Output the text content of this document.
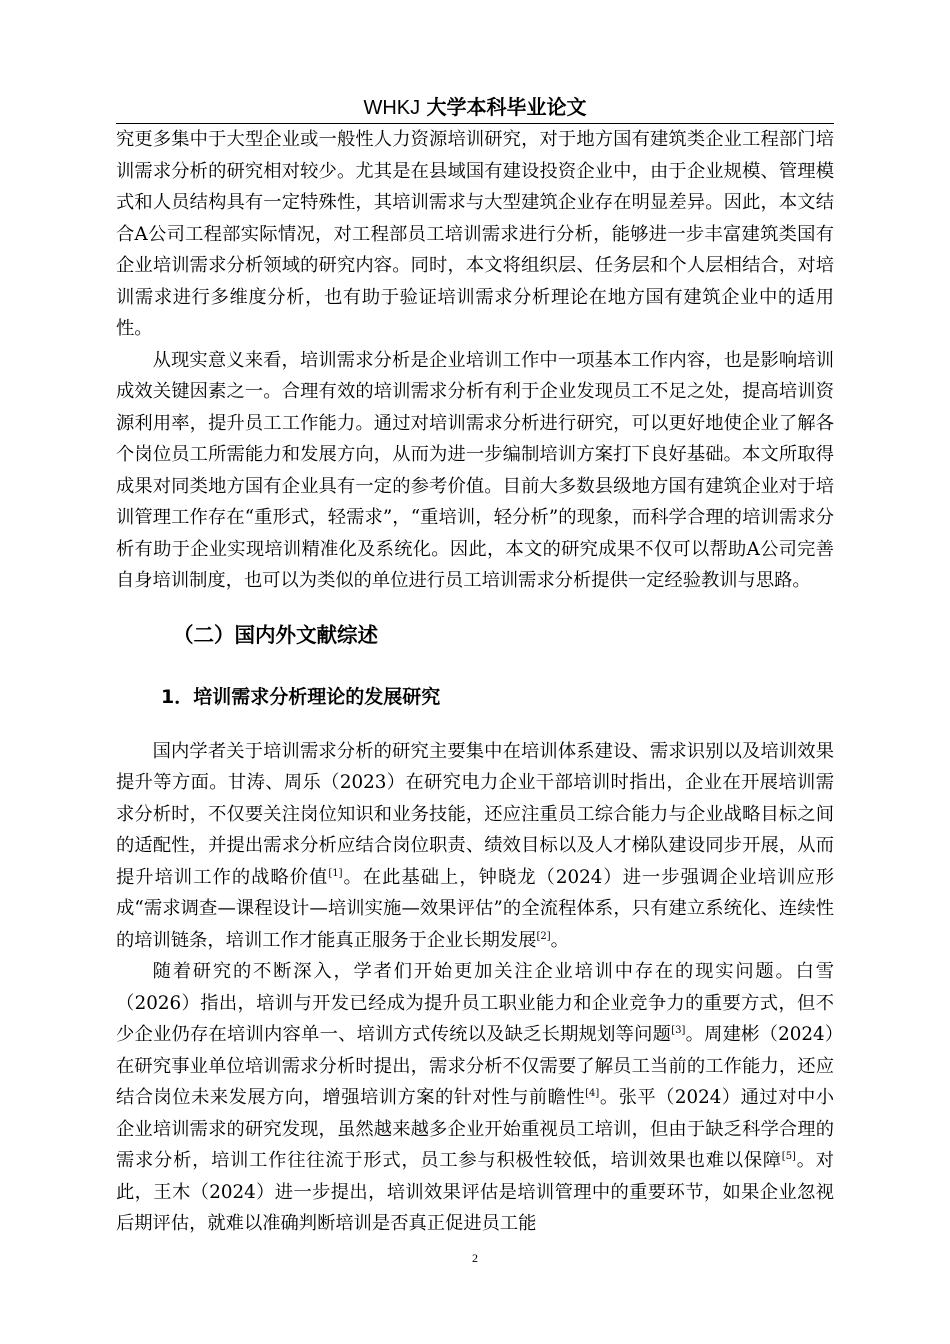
WHKJ 大学本科毕业论文

究更多集中于大型企业或一般性人力资源培训研究，对于地方国有建筑类企业工程部门培训需求分析的研究相对较少。尤其是在县域国有建设投资企业中，由于企业规模、管理模式和人员结构具有一定特殊性，其培训需求与大型建筑企业存在明显差异。因此，本文结合A公司工程部实际情况，对工程部员工培训需求进行分析，能够进一步丰富建筑类国有企业培训需求分析领域的研究内容。同时，本文将组织层、任务层和个人层相结合，对培训需求进行多维度分析，也有助于验证培训需求分析理论在地方国有建筑企业中的适用性。

从现实意义来看，培训需求分析是企业培训工作中一项基本工作内容，也是影响培训成效关键因素之一。合理有效的培训需求分析有利于企业发现员工不足之处，提高培训资源利用率，提升员工工作能力。通过对培训需求分析进行研究，可以更好地使企业了解各个岗位员工所需能力和发展方向，从而为进一步编制培训方案打下良好基础。本文所取得成果对同类地方国有企业具有一定的参考价值。目前大多数县级地方国有建筑企业对于培训管理工作存在“重形式，轻需求”，“重培训，轻分析”的现象，而科学合理的培训需求分析有助于企业实现培训精准化及系统化。因此，本文的研究成果不仅可以帮助A公司完善自身培训制度，也可以为类似的单位进行员工培训需求分析提供一定经验教训与思路。

（二）国内外文献综述
1．培训需求分析理论的发展研究

国内学者关于培训需求分析的研究主要集中在培训体系建设、需求识别以及培训效果提升等方面。甘涛、周乐（2023）在研究电力企业干部培训时指出，企业在开展培训需求分析时，不仅要关注岗位知识和业务技能，还应注重员工综合能力与企业战略目标之间的适配性，并提出需求分析应结合岗位职责、绩效目标以及人才梯队建设同步开展，从而提升培训工作的战略价值[1]。在此基础上，钟晓龙（2024）进一步强调企业培训应形成“需求调查—课程设计—培训实施—效果评估”的全流程体系，只有建立系统化、连续性的培训链条，培训工作才能真正服务于企业长期发展[2]。

随着研究的不断深入，学者们开始更加关注企业培训中存在的现实问题。白雪（2026）指出，培训与开发已经成为提升员工职业能力和企业竞争力的重要方式，但不少企业仍存在培训内容单一、培训方式传统以及缺乏长期规划等问题[3]。周建彬（2024）在研究事业单位培训需求分析时提出，需求分析不仅需要了解员工当前的工作能力，还应结合岗位未来发展方向，增强培训方案的针对性与前瞻性[4]。张平（2024）通过对中小企业培训需求的研究发现，虽然越来越多企业开始重视员工培训，但由于缺乏科学合理的需求分析，培训工作往往流于形式，员工参与积极性较低，培训效果也难以保障[5]。对此，王木（2024）进一步提出，培训效果评估是培训管理中的重要环节，如果企业忽视后期评估，就难以准确判断培训是否真正促进员工能

2
